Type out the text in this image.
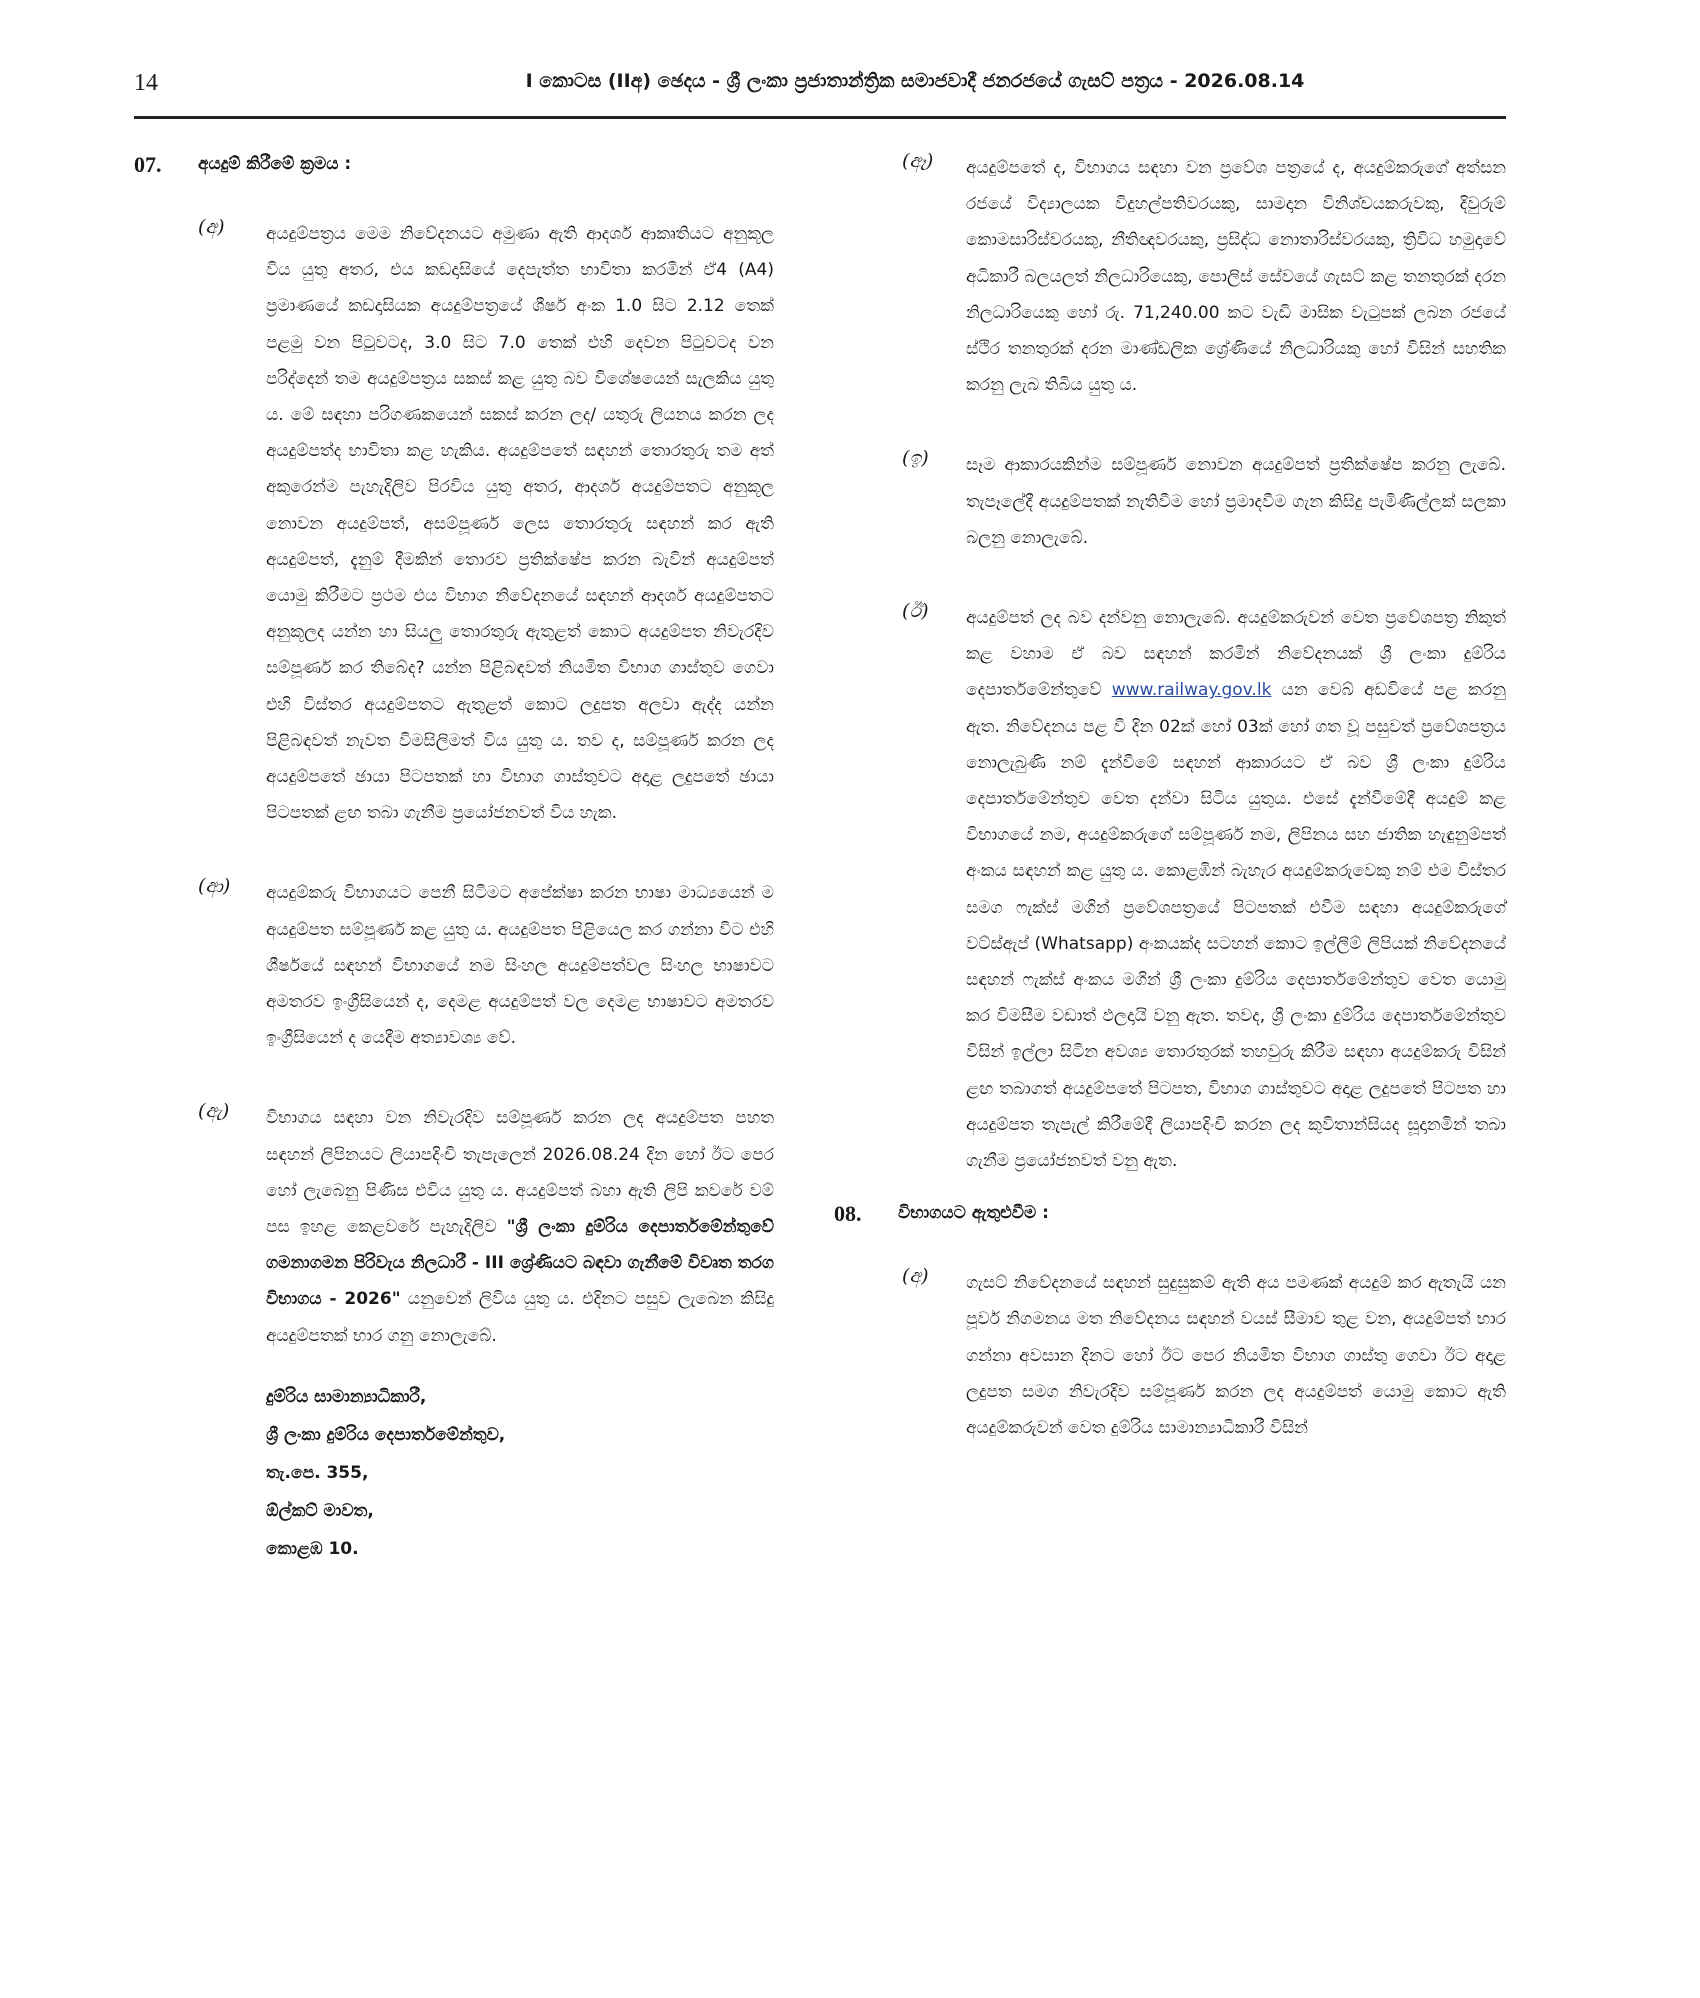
14	I කොටස (IIඅ) ඡෙදය - ශ්‍රී ලංකා ප්‍රජාතාන්ත්‍රික සමාජවාදී ජනරජයේ ගැසට් පත්‍රය - 2026.08.14
07. අයදුම් කිරීමේ ක්‍රමය :
(අ) අයදුම්පත්‍රය මෙම නිවේදනයට අමුණා ඇති ආදර්ශ ආකෘතියට අනුකූල විය යුතු අතර, එය කඩදාසියේ දෙපැත්ත භාවිතා කරමින් ඒ4 (A4) ප්‍රමාණයේ කඩදාසියක අයදුම්පත්‍රයේ ශීර්ෂ අංක 1.0 සිට 2.12 තෙක් පළමු වන පිටුවටද, 3.0 සිට 7.0 තෙක් එහි දෙවන පිටුවටද වන පරිද්දෙන් තම අයදුම්පත්‍රය සකස් කළ යුතු බව විශේෂයෙන් සැලකිය යුතු ය. මේ සඳහා පරිගණකයෙන් සකස් කරන ලද/ යතුරු ලියනය කරන ලද අයදුම්පත්ද භාවිතා කළ හැකිය. අයදුම්පතේ සඳහන් තොරතුරු තම අත් අකුරෙන්ම පැහැදිලිව පිරවිය යුතු අතර, ආදර්ශ අයදුම්පතට අනුකූල නොවන අයදුම්පත්, අසම්පූර්ණ ලෙස තොරතුරු සඳහන් කර ඇති අයදුම්පත්, දැනුම් දීමකින් තොරව ප්‍රතික්ෂේප කරන බැවින් අයදුම්පත් යොමු කිරීමට ප්‍රථම එය විභාග නිවේදනයේ සඳහන් ආදර්ශ අයදුම්පතට අනුකූලද යන්න හා සියලු තොරතුරු ඇතුළත් කොට අයදුම්පත නිවැරදිව සම්පූර්ණ කර තිබේද? යන්න පිළිබඳවත් නියමිත විභාග ගාස්තුව ගෙවා එහි විස්තර අයදුම්පතට ඇතුළත් කොට ලදුපත අලවා ඇද්ද යන්න පිළිබඳවත් නැවත විමසිලිමත් විය යුතු ය. තව ද, සම්පූර්ණ කරන ලද අයදුම්පතේ ඡායා පිටපතක් හා විභාග ගාස්තුවට අදාළ ලදුපතේ ඡායා පිටපතක් ළඟ තබා ගැනීම ප්‍රයෝජනවත් විය හැක.
(ආ) අයදුම්කරු විභාගයට පෙනී සිටීමට අපේක්ෂා කරන භාෂා මාධ්‍යයෙන් ම අයදුම්පත සම්පූර්ණ කළ යුතු ය. අයදුම්පත පිළියෙල කර ගන්නා විට එහි ශීර්ෂයේ සඳහන් විභාගයේ නම සිංහල අයදුම්පත්වල සිංහල භාෂාවට අමතරව ඉංග්‍රීසියෙන් ද, දෙමළ අයදුම්පත් වල දෙමළ භාෂාවට අමතරව ඉංග්‍රීසියෙන් ද යෙදීම අත්‍යාවශ්‍ය වේ.
(ඇ) විභාගය සඳහා වන නිවැරදිව සම්පූර්ණ කරන ලද අයදුම්පත පහත සඳහන් ලිපිනයට ලියාපදිංචි තැපැලෙන් 2026.08.24 දින හෝ ඊට පෙර හෝ ලැබෙනු පිණිස එවිය යුතු ය. අයදුම්පත් බහා ඇති ලිපි කවරේ වම් පස ඉහළ කෙළවරේ පැහැදිලිව "ශ්‍රී ලංකා දුම්රිය දෙපාර්තමේන්තුවේ ගමනාගමන පිරිවැය නිලධාරී - III ශ්‍රේණියට බඳවා ගැනීමේ විවෘත තරග විභාගය - 2026" යනුවෙන් ලිවිය යුතු ය. එදිනට පසුව ලැබෙන කිසිදු අයදුම්පතක් භාර ගනු නොලැබේ.
දුම්රිය සාමාන්‍යාධිකාරී,
ශ්‍රී ලංකා දුම්රිය දෙපාර්තමේන්තුව,
තැ.පෙ. 355,
ඕල්කට් මාවත,
කොළඹ 10.
(ඈ) අයදුම්පතේ ද, විභාගය සඳහා වන ප්‍රවේශ පත්‍රයේ ද, අයදුම්කරුගේ අත්සන රජයේ විද්‍යාලයක විදුහල්පතිවරයකු, සාමදාන විනිශ්චයකරුවකු, දිවුරුම් කොමසාරිස්වරයකු, නීතිඥවරයකු, ප්‍රසිද්ධ නොතාරිස්වරයකු, ත්‍රිවිධ හමුදාවේ අධිකාරී බලයලත් නිලධාරියෙකු, පොලිස් සේවයේ ගැසට් කළ තනතුරක් දරන නිලධාරියෙකු හෝ රු. 71,240.00 කට වැඩි මාසික වැටුපක් ලබන රජයේ ස්ථිර තනතුරක් දරන මාණ්ඩලික ශ්‍රේණියේ නිලධාරියකු හෝ විසින් සහතික කරනු ලැබ තිබිය යුතු ය.
(ඉ) සෑම ආකාරයකින්ම සම්පූර්ණ නොවන අයදුම්පත් ප්‍රතික්ෂේප කරනු ලැබේ. තැපෑලේදී අයදුම්පතක් නැතිවීම හෝ ප්‍රමාදවීම ගැන කිසිදු පැමිණිල්ලක් සලකා බලනු නොලැබේ.
(ඊ) අයදුම්පත් ලද බව දන්වනු නොලැබේ. අයදුම්කරුවන් වෙත ප්‍රවේශපත්‍ර නිකුත් කළ වහාම ඒ බව සඳහන් කරමින් නිවේදනයක් ශ්‍රී ලංකා දුම්රිය දෙපාර්තමේන්තුවේ www.railway.gov.lk යන වෙබ් අඩවියේ පළ කරනු ඇත. නිවේදනය පළ වී දින 02ක් හෝ 03ක් හෝ ගත වූ පසුවත් ප්‍රවේශපත්‍රය නොලැබුණි නම් දැන්වීමේ සඳහන් ආකාරයට ඒ බව ශ්‍රී ලංකා දුම්රිය දෙපාර්තමේන්තුව වෙත දන්වා සිටිය යුතුය. එසේ දැන්වීමේදී අයදුම් කළ විභාගයේ නම, අයදුම්කරුගේ සම්පූර්ණ නම, ලිපිනය සහ ජාතික හැඳුනුම්පත් අංකය සඳහන් කළ යුතු ය. කොළඹින් බැහැර අයදුම්කරුවෙකු නම් එම විස්තර සමග ෆැක්ස් මගින් ප්‍රවේශපත්‍රයේ පිටපතක් එවීම සඳහා අයදුම්කරුගේ වට්ස්ඇප් (Whatsapp) අංකයක්ද සටහන් කොට ඉල්ලීම් ලිපියක් නිවේදනයේ සඳහන් ෆැක්ස් අංකය මගින් ශ්‍රී ලංකා දුම්රිය දෙපාර්තමේන්තුව වෙත යොමු කර විමසීම වඩාත් ඵලදායි වනු ඇත. තවද, ශ්‍රී ලංකා දුම්රිය දෙපාර්තමේන්තුව විසින් ඉල්ලා සිටින අවශ්‍ය තොරතුරක් තහවුරු කිරීම සඳහා අයදුම්කරු විසින් ළඟ තබාගත් අයදුම්පතේ පිටපත, විභාග ගාස්තුවට අදාළ ලදුපතේ පිටපත හා අයදුම්පත තැපැල් කිරීමේදී ලියාපදිංචි කරන ලද කුවිතාන්සියද සූදානමින් තබා ගැනීම ප්‍රයෝජනවත් වනු ඇත.
08. විභාගයට ඇතුළුවීම :
(අ) ගැසට් නිවේදනයේ සඳහන් සුදුසුකම් ඇති අය පමණක් අයදුම් කර ඇතැයි යන පූර්ව නිගමනය මත නිවේදනය සඳහන් වයස් සීමාව තුළ වන, අයදුම්පත් භාර ගන්නා අවසාන දිනට හෝ ඊට පෙර නියමිත විභාග ගාස්තු ගෙවා ඊට අදාළ ලදුපත සමග නිවැරදිව සම්පූර්ණ කරන ලද අයදුම්පත් යොමු කොට ඇති අයදුම්කරුවන් වෙත දුම්රිය සාමාන්‍යාධිකාරී විසින්
